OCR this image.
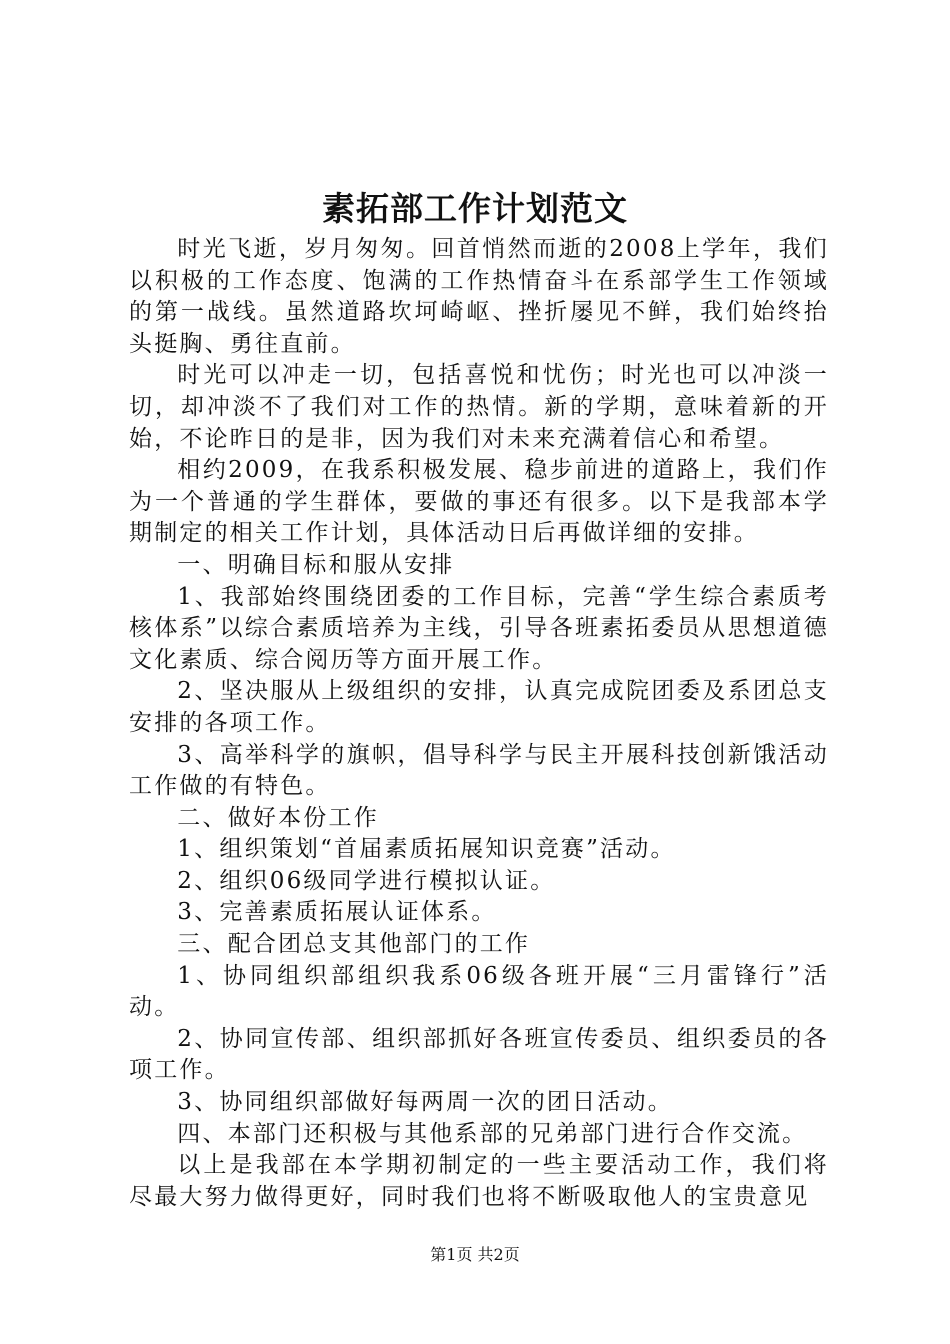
素拓部工作计划范文

时光飞逝，岁月匆匆。回首悄然而逝的2008上学年，我们以积极的工作态度、饱满的工作热情奋斗在系部学生工作领域的第一战线。虽然道路坎坷崎岖、挫折屡见不鲜，我们始终抬头挺胸、勇往直前。

时光可以冲走一切，包括喜悦和忧伤；时光也可以冲淡一切，却冲淡不了我们对工作的热情。新的学期，意味着新的开始，不论昨日的是非，因为我们对未来充满着信心和希望。

相约2009，在我系积极发展、稳步前进的道路上，我们作为一个普通的学生群体，要做的事还有很多。以下是我部本学期制定的相关工作计划，具体活动日后再做详细的安排。

一、明确目标和服从安排

1、我部始终围绕团委的工作目标，完善“学生综合素质考核体系”以综合素质培养为主线，引导各班素拓委员从思想道德文化素质、综合阅历等方面开展工作。

2、坚决服从上级组织的安排，认真完成院团委及系团总支安排的各项工作。

3、高举科学的旗帜，倡导科学与民主开展科技创新饿活动工作做的有特色。

二、做好本份工作

1、组织策划“首届素质拓展知识竞赛”活动。

2、组织06级同学进行模拟认证。

3、完善素质拓展认证体系。

三、配合团总支其他部门的工作

1、协同组织部组织我系06级各班开展“三月雷锋行”活动。

2、协同宣传部、组织部抓好各班宣传委员、组织委员的各项工作。

3、协同组织部做好每两周一次的团日活动。

四、本部门还积极与其他系部的兄弟部门进行合作交流。

以上是我部在本学期初制定的一些主要活动工作，我们将尽最大努力做得更好，同时我们也将不断吸取他人的宝贵意见

第1页 共2页
